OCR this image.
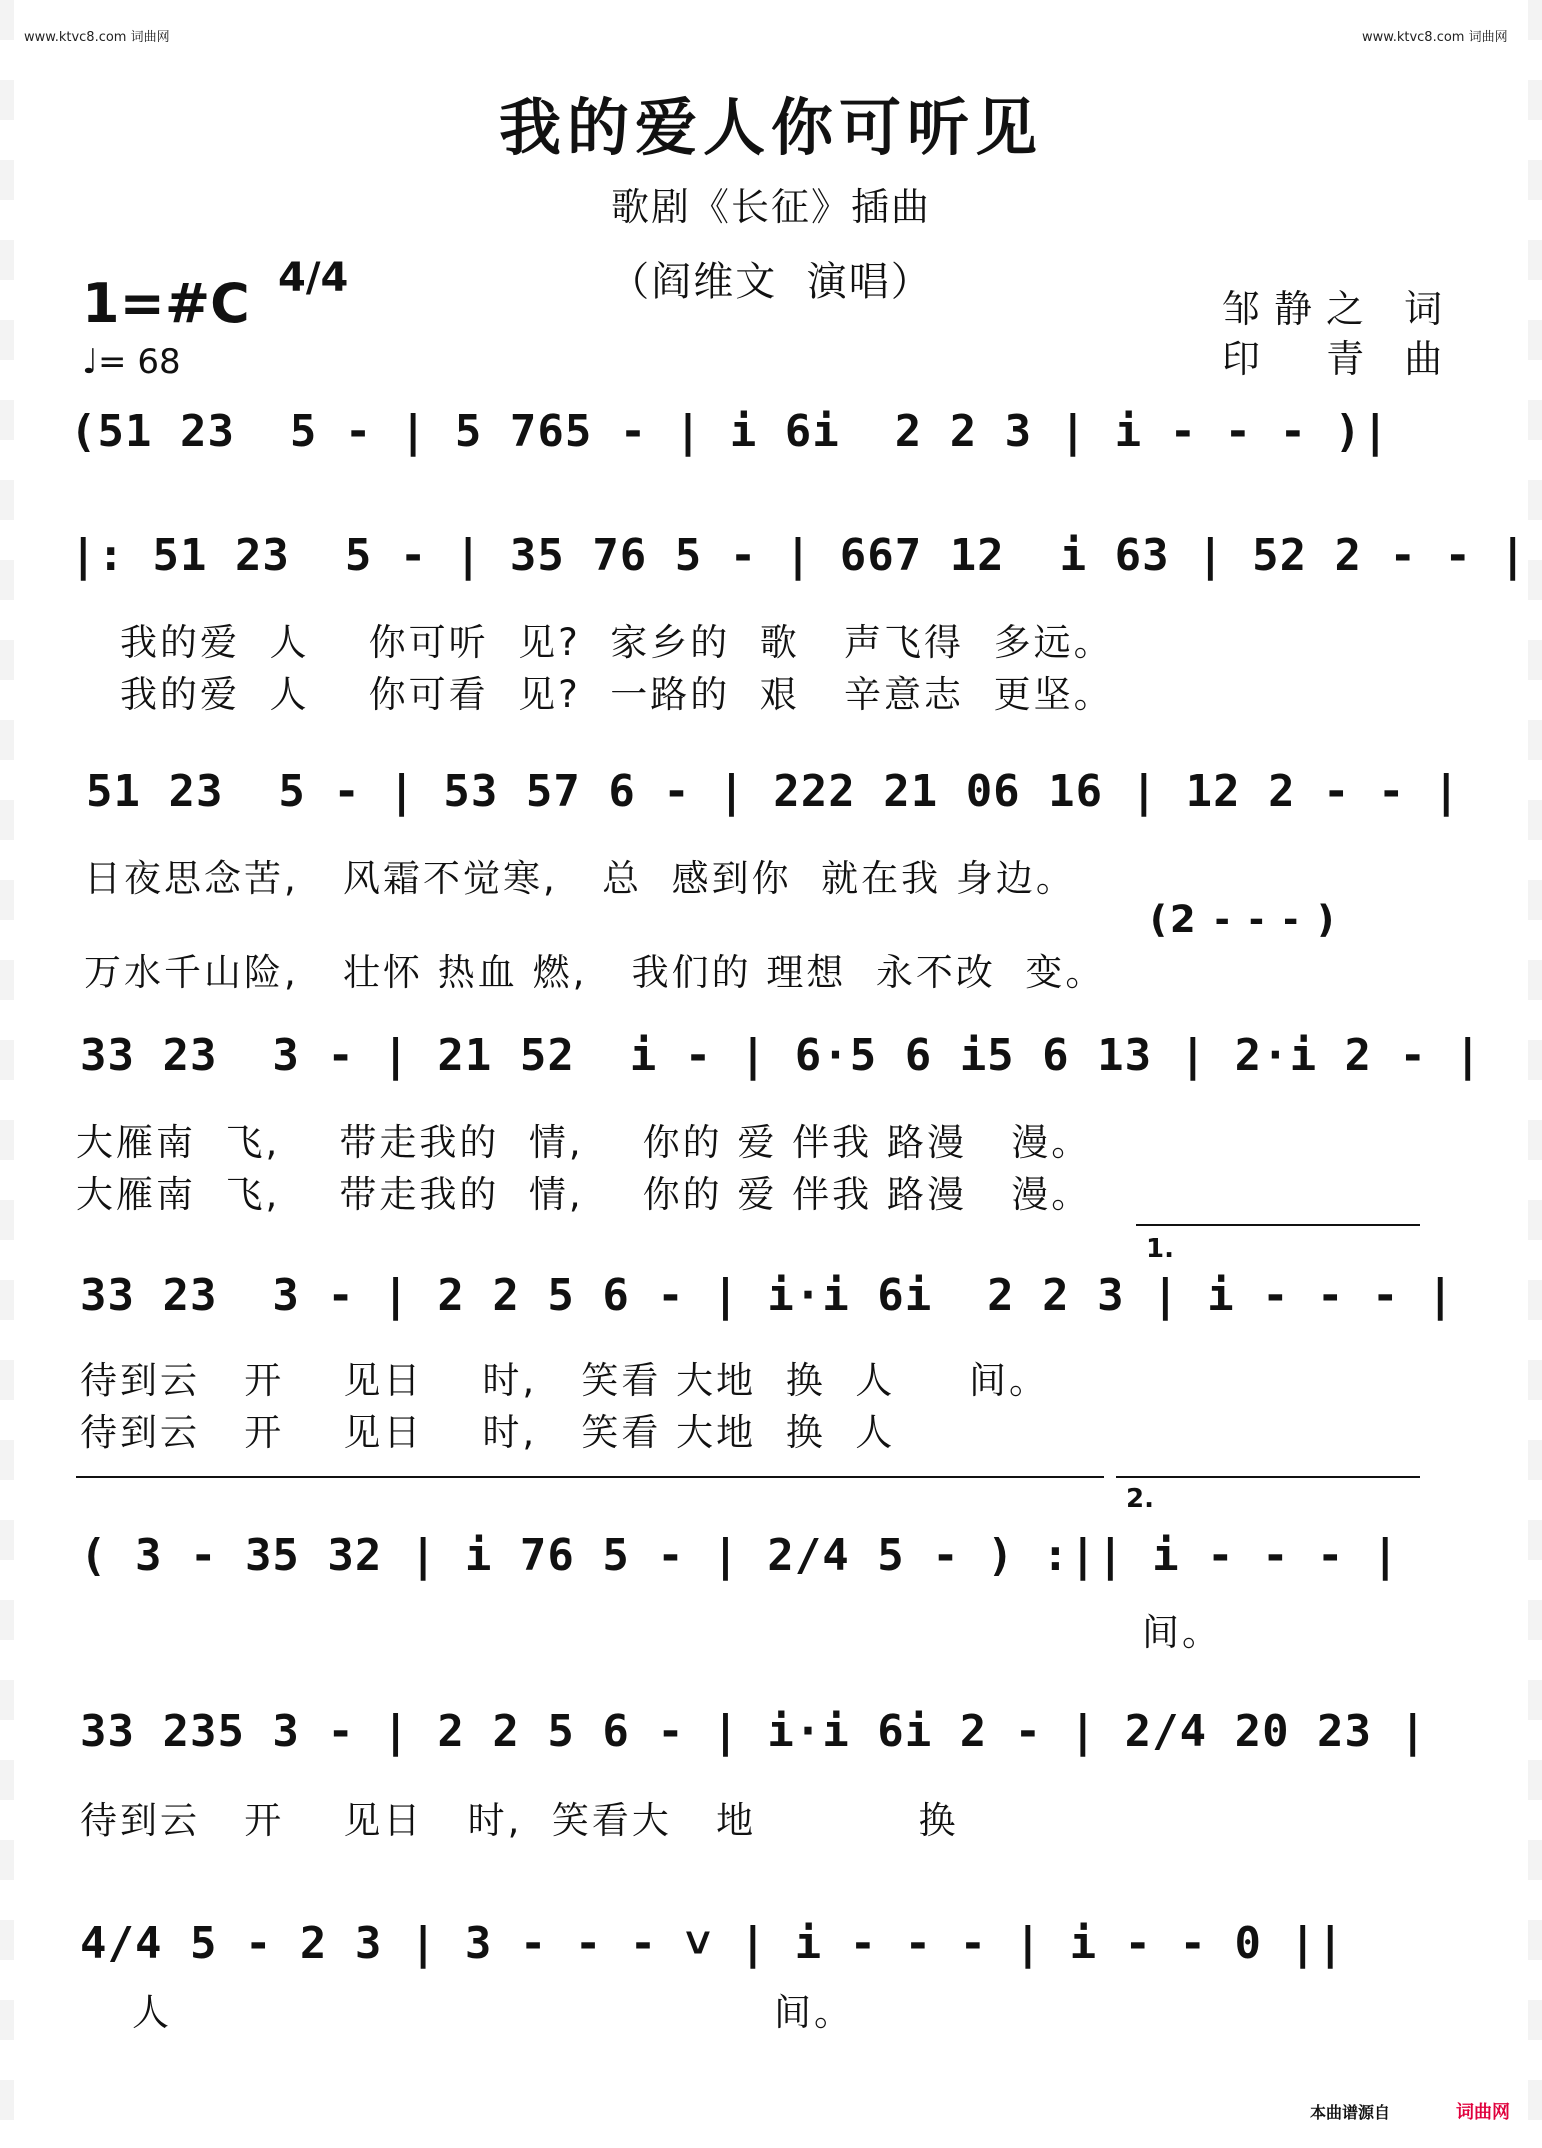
www.ktvc8.com 词曲网	www.ktvc8.com 词曲网
我的爱人你可听见
歌剧《长征》插曲
（阎维文  演唱）
邹静之 词
印  青 曲
1=#C 4/4
♩= 68
(51 23  5 - | 5 765 - | i 6i  2 2 3 | i - - - )|
|: 51 23  5 - | 35 76 5 - | 667 12  i 63 | 52 2 - - |
我的爱  人    你可听  见?  家乡的  歌   声飞得  多远。
我的爱  人    你可看  见?  一路的  艰   辛意志  更坚。
51 23  5 - | 53 57 6 - | 222 21 06 16 | 12 2 - - |
日夜思念苦,   风霜不觉寒,   总  感到你  就在我 身边。
(2 - - - )
万水千山险,   壮怀 热血 燃,   我们的 理想  永不改  变。
33 23  3 - | 21 52  i - | 6·5 6 i5 6 13 | 2·i 2 - |
大雁南  飞,    带走我的  情,    你的 爱 伴我 路漫   漫。
大雁南  飞,    带走我的  情,    你的 爱 伴我 路漫   漫。
33 23  3 - | 2 2 5 6 - | i·i 6i  2 2 3 | i - - - |
1.
待到云   开    见日    时,   笑看 大地  换  人     间。
待到云   开    见日    时,   笑看 大地  换  人
( 3 - 35 32 | i 76 5 - | 2/4 5 - ) :|| i - - - |
2.
间。
33 235 3 - | 2 2 5 6 - | i·i 6i 2 - | 2/4 20 23 |
待到云   开    见日   时,  笑看大   地           换
4/4 5 - 2 3 | 3 - - - ˅ | i - - - | i - - 0 ||
人	间。
本曲谱源自	词曲网
